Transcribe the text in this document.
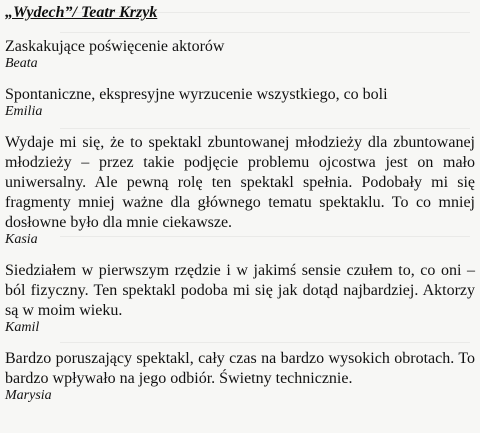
„Wydech”/ Teatr Krzyk

Zaskakujące poświęcenie aktorów

Beata

Spontaniczne, ekspresyjne wyrzucenie wszystkiego, co boli

Emilia

Wydaje mi się, że to spektakl zbuntowanej młodzieży dla zbuntowanej młodzieży – przez takie podjęcie problemu ojcostwa jest on mało uniwersalny. Ale pewną rolę ten spektakl spełnia. Podobały mi się fragmenty mniej ważne dla głównego tematu spektaklu. To co mniej dosłowne było dla mnie ciekawsze.

Kasia

Siedziałem w pierwszym rzędzie i w jakimś sensie czułem to, co oni – ból fizyczny. Ten spektakl podoba mi się jak dotąd najbardziej. Aktorzy są w moim wieku.

Kamil

Bardzo poruszający spektakl, cały czas na bardzo wysokich obrotach. To bardzo wpływało na jego odbiór. Świetny technicznie.

Marysia
